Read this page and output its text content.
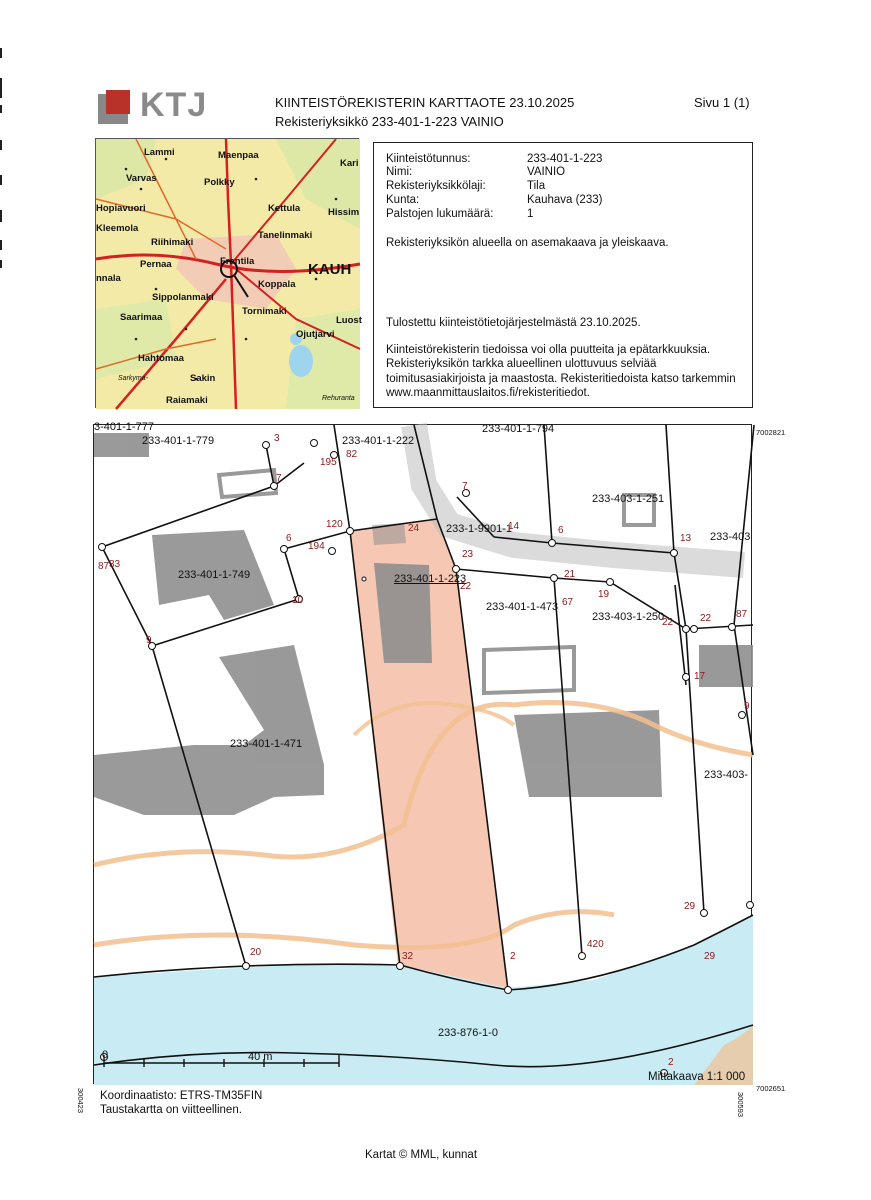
KTJ	KIINTEISTÖREKISTERIN KARTTAOTE 23.10.2025
Rekisteriyksikkö 233-401-1-223 VAINIO
Sivu 1 (1)
Lammi	Maenpaa
Kari
Varvas	Polkky
Hopiavuori	Kettula	Hissim
Kleemola
Tanelinmaki
Riihimaki
Pernaa	Frantila	KAUH
nnala
Koppala
Sippolanmaki
Saarimaa
Tornimaki
Luost
Ojutjarvi
Hahtomaa
Sakin
Raiamaki
Sarkyma-
Rehuranta
Kiinteistötunnus:	233-401-1-223
Nimi:	VAINIO
Rekisteriyksikkölaji:	Tila
Kunta:	Kauhava (233)
Palstojen lukumäärä:	1
Rekisteriyksikön alueella on asemakaava ja yleiskaava.
Tulostettu kiinteistötietojärjestelmästä 23.10.2025.
Kiinteistörekisterin tiedoissa voi olla puutteita ja epätarkkuuksia.
Rekisteriyksikön tarkka alueellinen ulottuvuus selviää
toimitusasiakirjoista ja maastosta. Rekisteritiedoista katso tarkemmin
www.maanmittauslaitos.fi/rekisteritiedot.
3-401-1-777
233-401-1-779	233-401-1-222
233-401-1-794
233-403-1-251
233-1-9901-1
233-403
233-401-1-749	233-401-1-223
233-401-1-473
233-403-1-250
233-401-1-471
233-403-
233-876-1-0
3
195
82
7
7
120	24	14	6
13
87 33
6
194
23
22
21
67
19
22	22 87
10
9
17
9
29
29
20	32	2
420
2
0	40 m
Mittakaava 1:1 000
7002821
7002651
300423	300593
Koordinaatisto: ETRS-TM35FIN
Taustakartta on viitteellinen.
Kartat © MML, kunnat
